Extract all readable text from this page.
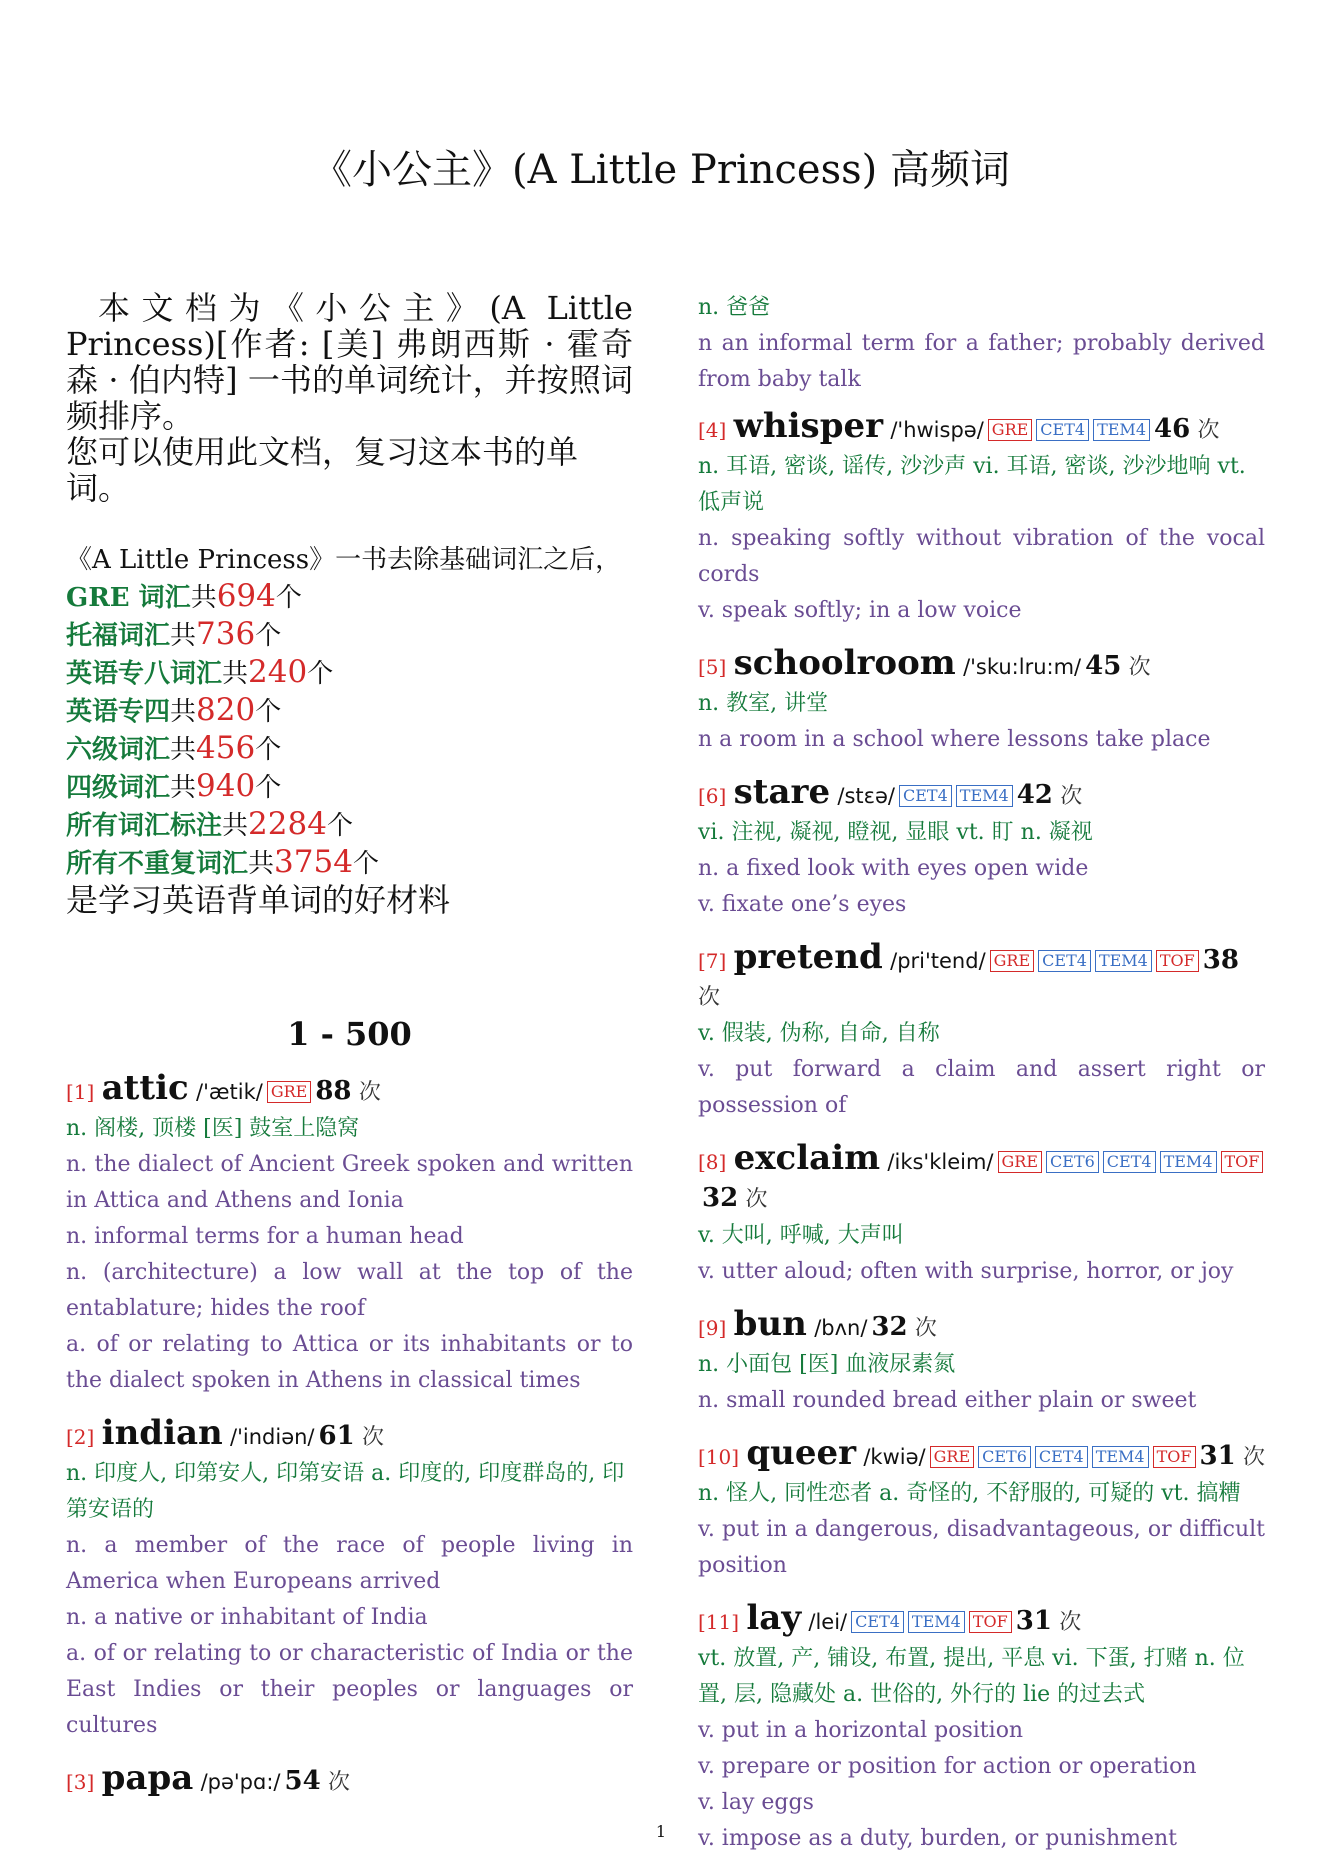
《小公主》(A Little Princess) 高频词
本文档为《小公主》(A Little Princess)[作者: [美] 弗朗西斯 · 霍奇森 · 伯内特] 一书的单词统计，并按照词频排序。
您可以使用此文档，复习这本书的单词。
《A Little Princess》一书去除基础词汇之后，
GRE 词汇共694个
托福词汇共736个
英语专八词汇共240个
英语专四共820个
六级词汇共456个
四级词汇共940个
所有词汇标注共2284个
所有不重复词汇共3754个
是学习英语背单词的好材料
1 - 500
[1] attic /'ætik/ GRE 88 次
n. 阁楼, 顶楼 [医] 鼓室上隐窝
n. the dialect of Ancient Greek spoken and written in Attica and Athens and Ionia
n. informal terms for a human head
n. (architecture) a low wall at the top of the entablature; hides the roof
a. of or relating to Attica or its inhabitants or to the dialect spoken in Athens in classical times
[2] indian /'indiən/ 61 次
n. 印度人, 印第安人, 印第安语 a. 印度的, 印度群岛的, 印第安语的
n. a member of the race of people living in America when Europeans arrived
n. a native or inhabitant of India
a. of or relating to or characteristic of India or the East Indies or their peoples or languages or cultures
[3] papa /pə'pɑ:/ 54 次
n. 爸爸
n an informal term for a father; probably derived from baby talk
[4] whisper /'hwispə/ GRE CET4 TEM4 46 次
n. 耳语, 密谈, 谣传, 沙沙声 vi. 耳语, 密谈, 沙沙地响 vt. 低声说
n. speaking softly without vibration of the vocal cords
v. speak softly; in a low voice
[5] schoolroom /'sku:lru:m/ 45 次
n. 教室, 讲堂
n a room in a school where lessons take place
[6] stare /stɛə/ CET4 TEM4 42 次
vi. 注视, 凝视, 瞪视, 显眼 vt. 盯 n. 凝视
n. a fixed look with eyes open wide
v. fixate one’s eyes
[7] pretend /pri'tend/ GRE CET4 TEM4 TOF 38 次
v. 假装, 伪称, 自命, 自称
v. put forward a claim and assert right or possession of
[8] exclaim /iks'kleim/ GRE CET6 CET4 TEM4 TOF32 次
v. 大叫, 呼喊, 大声叫
v. utter aloud; often with surprise, horror, or joy
[9] bun /bʌn/ 32 次
n. 小面包 [医] 血液尿素氮
n. small rounded bread either plain or sweet
[10] queer /kwiə/ GRE CET6 CET4 TEM4 TOF 31 次
n. 怪人, 同性恋者 a. 奇怪的, 不舒服的, 可疑的 vt. 搞糟
v. put in a dangerous, disadvantageous, or difficult position
[11] lay /lei/ CET4 TEM4 TOF 31 次
vt. 放置, 产, 铺设, 布置, 提出, 平息 vi. 下蛋, 打赌 n. 位置, 层, 隐藏处 a. 世俗的, 外行的 lie 的过去式
v. put in a horizontal position
v. prepare or position for action or operation
v. lay eggs
v. impose as a duty, burden, or punishment
1
